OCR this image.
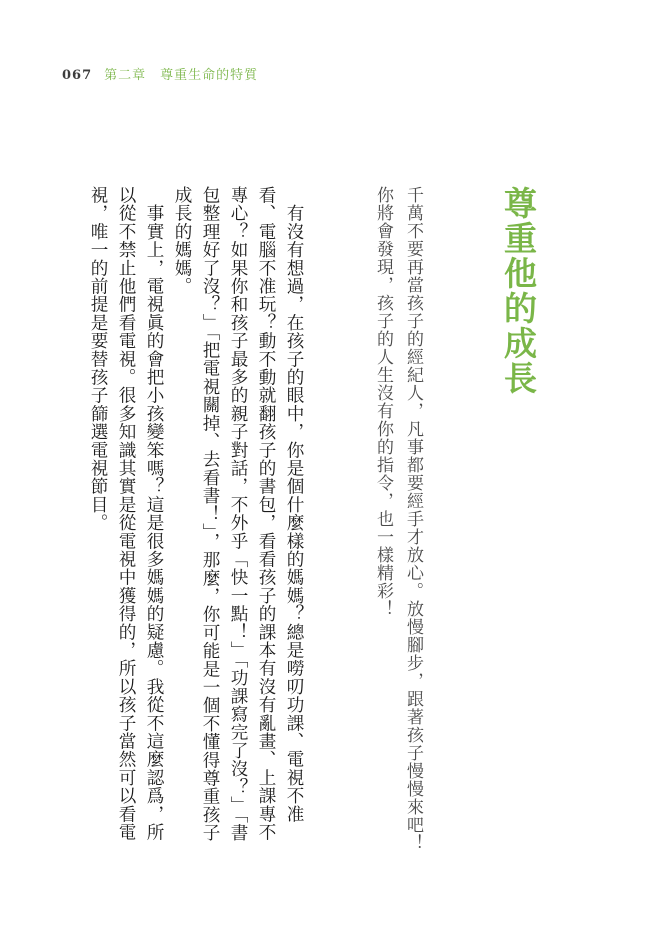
067 第二章 尊重生命的特質
尊重他的成長
千萬不要再當孩子的經紀人，凡事都要經手才放心。放慢腳步，跟著孩子慢慢來吧！
你將會發現，孩子的人生沒有你的指令，也一樣精彩！
有沒有想過，在孩子的眼中，你是個什麼樣的媽媽？總是嘮叨功課、電視不准看、電腦不准玩？動不動就翻孩子的書包，看看孩子的課本有沒有亂畫、上課專不專心？如果你和孩子最多的親子對話，不外乎「快一點！」「功課寫完了沒？」「書包整理好了沒？」「把電視關掉、去看書！」，那麼，你可能是一個不懂得尊重孩子成長的媽媽。
事實上，電視眞的會把小孩變笨嗎？這是很多媽媽的疑慮。我從不這麼認爲，所以從不禁止他們看電視。很多知識其實是從電視中獲得的，所以孩子當然可以看電視，唯一的前提是要替孩子篩選電視節目。
